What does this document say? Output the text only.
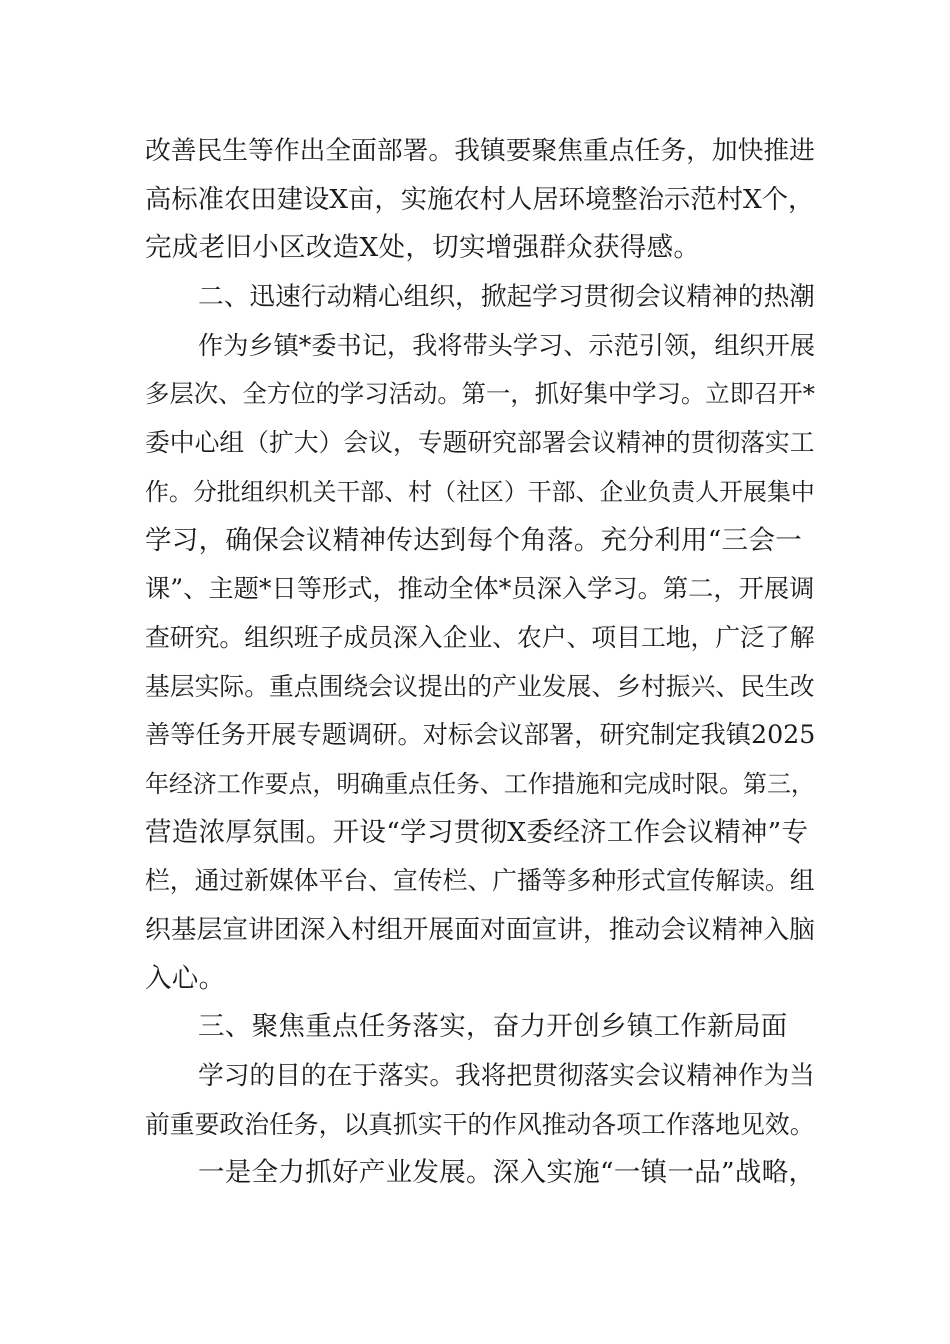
改善民生等作出全面部署。我镇要聚焦重点任务，加快推进
高标准农田建设X亩，实施农村人居环境整治示范村X个，
完成老旧小区改造X处，切实增强群众获得感。
二、迅速行动精心组织，掀起学习贯彻会议精神的热潮
作为乡镇*委书记，我将带头学习、示范引领，组织开展
多层次、全方位的学习活动。第一，抓好集中学习。立即召开*
委中心组（扩大）会议，专题研究部署会议精神的贯彻落实工
作。分批组织机关干部、村（社区）干部、企业负责人开展集中
学习，确保会议精神传达到每个角落。充分利用“三会一
课”、主题*日等形式，推动全体*员深入学习。第二，开展调
查研究。组织班子成员深入企业、农户、项目工地，广泛了解
基层实际。重点围绕会议提出的产业发展、乡村振兴、民生改
善等任务开展专题调研。对标会议部署，研究制定我镇2025
年经济工作要点，明确重点任务、工作措施和完成时限。第三，
营造浓厚氛围。开设“学习贯彻X委经济工作会议精神”专
栏，通过新媒体平台、宣传栏、广播等多种形式宣传解读。组
织基层宣讲团深入村组开展面对面宣讲，推动会议精神入脑
入心。
三、聚焦重点任务落实，奋力开创乡镇工作新局面
学习的目的在于落实。我将把贯彻落实会议精神作为当
前重要政治任务，以真抓实干的作风推动各项工作落地见效。
一是全力抓好产业发展。深入实施“一镇一品”战略，
